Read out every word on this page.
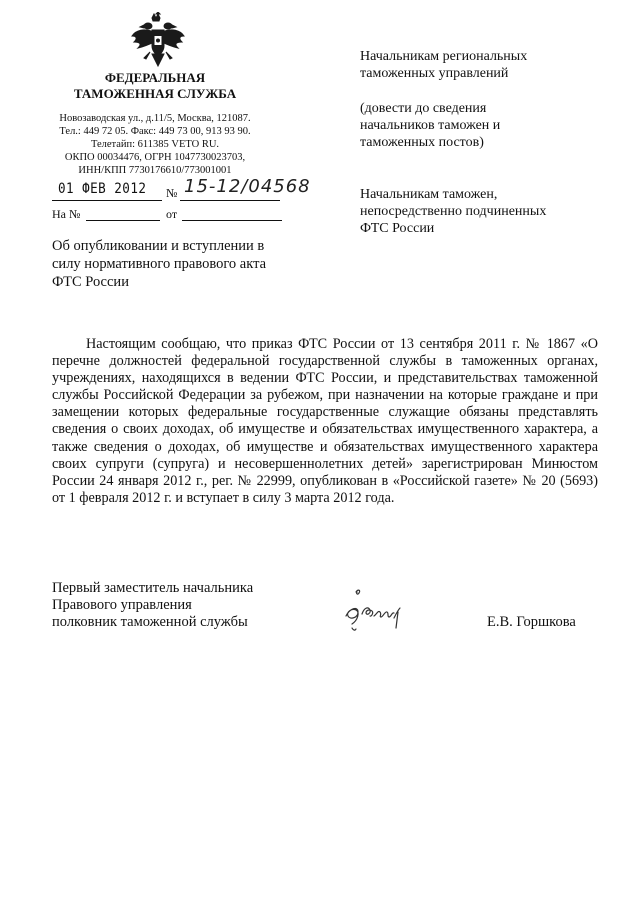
ФЕДЕРАЛЬНАЯ
ТАМОЖЕННАЯ СЛУЖБА
Новозаводская ул., д.11/5, Москва, 121087.
Тел.: 449 72 05. Факс: 449 73 00, 913 93 90.
Телетайп: 611385 VETO RU.
ОКПО 00034476, ОГРН 1047730023703,
ИНН/КПП 7730176610/773001001
01 ФЕВ 2012 № 15-12/04568
На №	от
Начальникам региональных
таможенных управлений
(довести до сведения
начальников таможен и
таможенных постов)
Начальникам таможен,
непосредственно подчиненных
ФТС России
Об опубликовании и вступлении в
силу нормативного правового акта
ФТС России
Настоящим сообщаю, что приказ ФТС России от 13 сентября 2011 г. № 1867 «О перечне должностей федеральной государственной службы в таможенных органах, учреждениях, находящихся в ведении ФТС России, и представительствах таможенной службы Российской Федерации за рубежом, при назначении на которые граждане и при замещении которых федеральные государственные служащие обязаны представлять сведения о своих доходах, об имуществе и обязательствах имущественного характера, а также сведения о доходах, об имуществе и обязательствах имущественного характера своих супруги (супруга) и несовершеннолетних детей» зарегистрирован Минюстом России 24 января 2012 г., рег. № 22999, опубликован в «Российской газете» № 20 (5693) от 1 февраля 2012 г. и вступает в силу 3 марта 2012 года.
Первый заместитель начальника
Правового управления
полковник таможенной службы	Е.В. Горшкова
